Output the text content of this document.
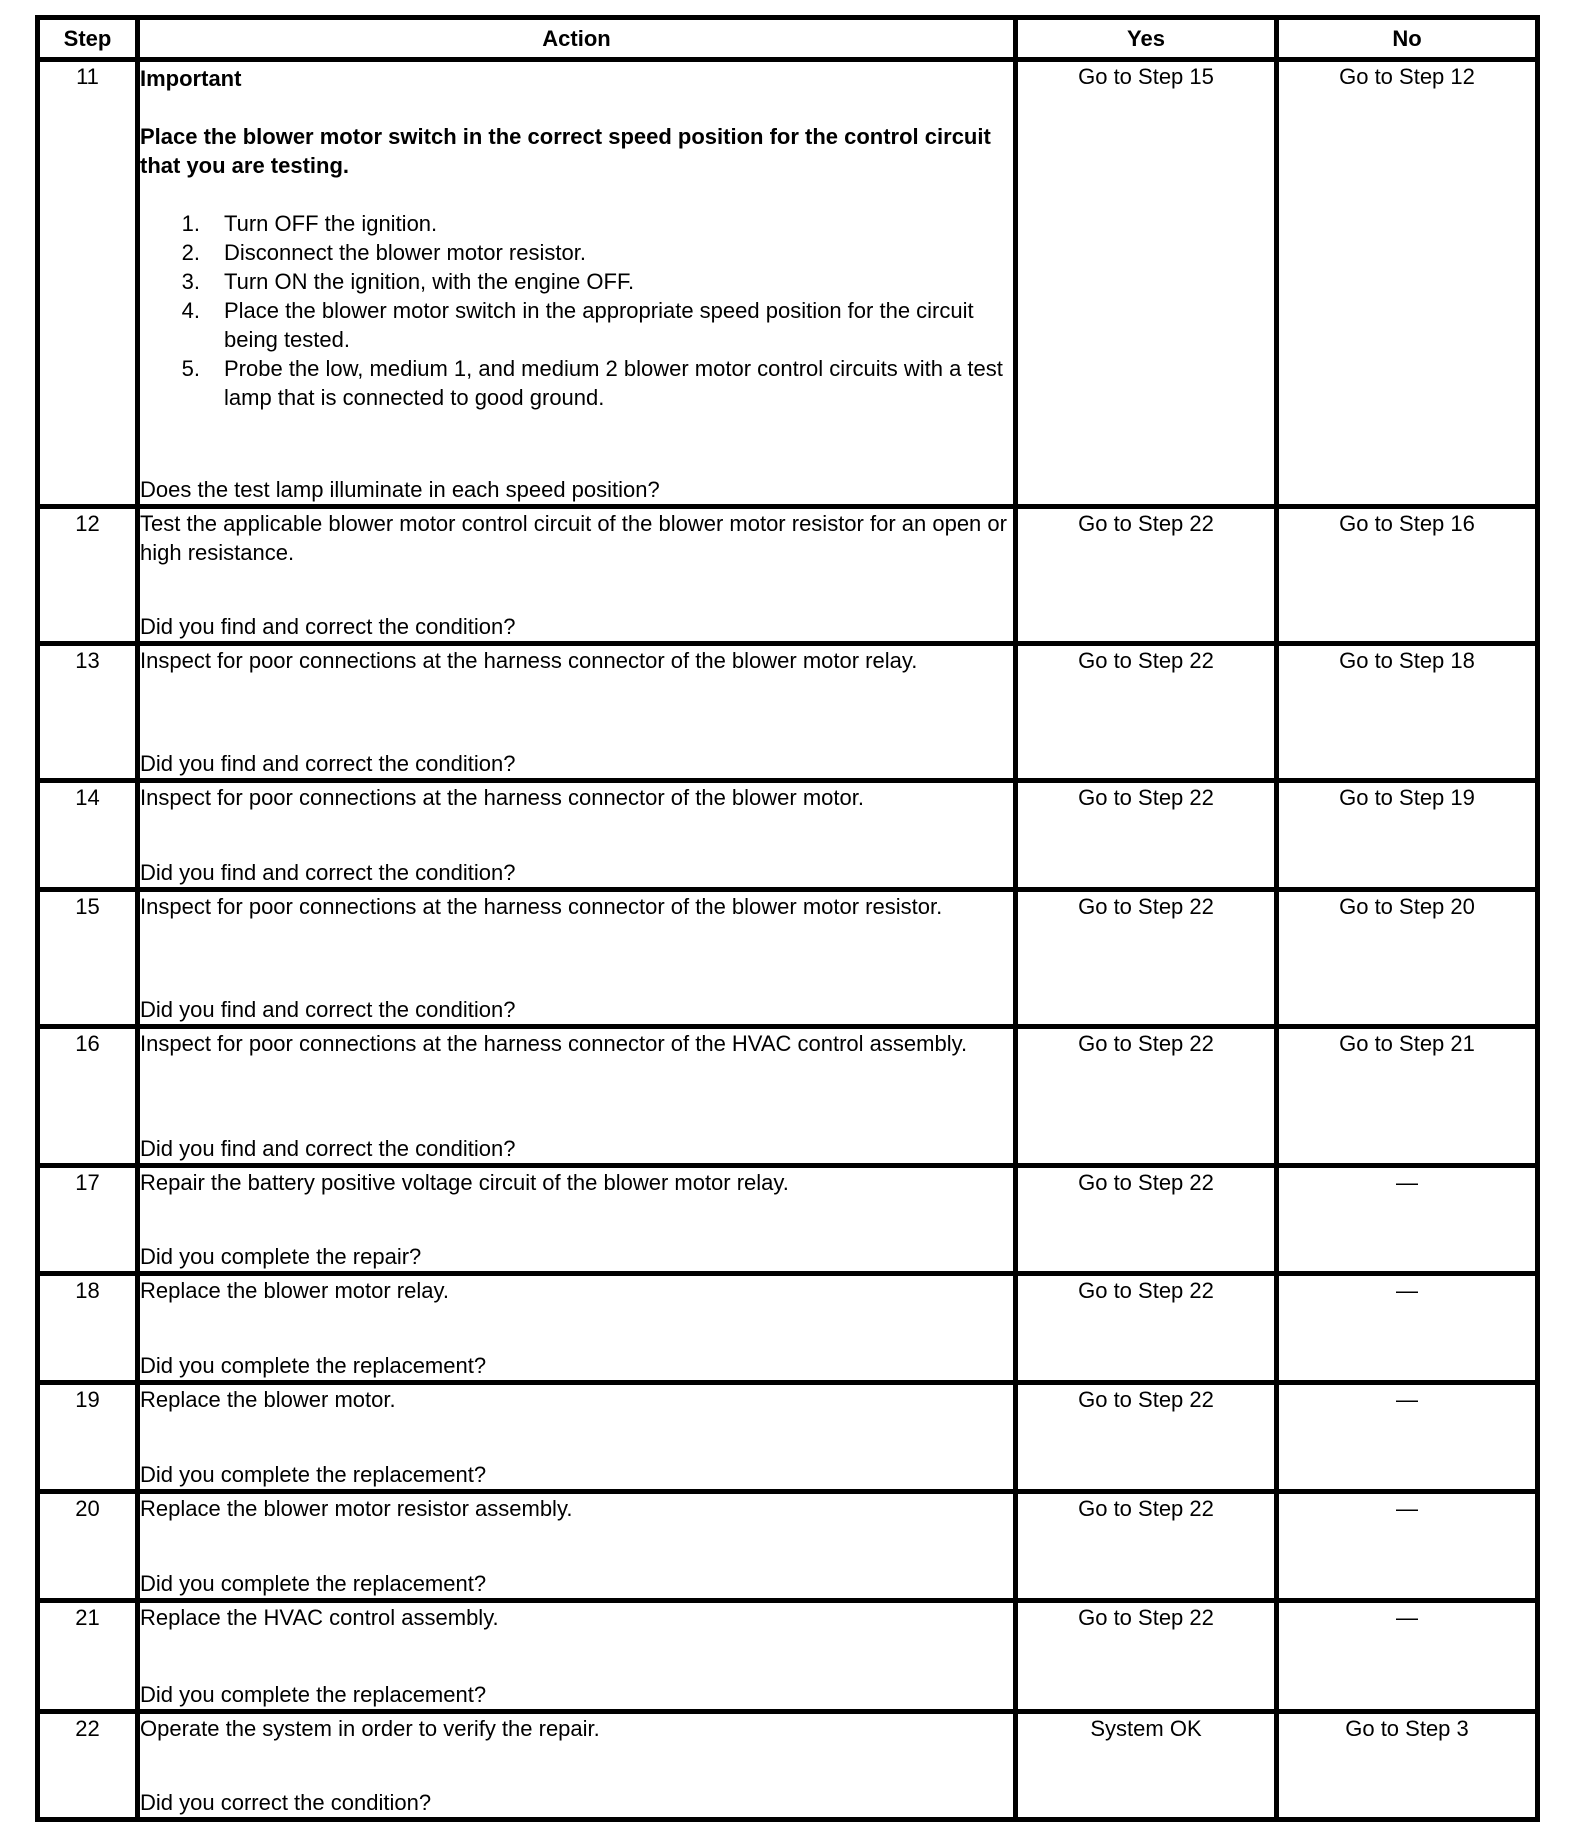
Step	Action	Yes	No
11	Important
Place the blower motor switch in the correct speed position for the control circuit that you are testing.
1.	Turn OFF the ignition.
2.	Disconnect the blower motor resistor.
3.	Turn ON the ignition, with the engine OFF.
4.	Place the blower motor switch in the appropriate speed position for the circuit being tested.
5.	Probe the low, medium 1, and medium 2 blower motor control circuits with a test lamp that is connected to good ground.
Does the test lamp illuminate in each speed position?

Go to Step 15	Go to Step 12

12	Test the applicable blower motor control circuit of the blower motor resistor for an open or high resistance.
Did you find and correct the condition?	Go to Step 22	Go to Step 16

13	Inspect for poor connections at the harness connector of the blower motor relay.
Did you find and correct the condition?	Go to Step 22	Go to Step 18

14	Inspect for poor connections at the harness connector of the blower motor.
Did you find and correct the condition?	Go to Step 22	Go to Step 19

15	Inspect for poor connections at the harness connector of the blower motor resistor.
Did you find and correct the condition?	Go to Step 22	Go to Step 20

16	Inspect for poor connections at the harness connector of the HVAC control assembly.
Did you find and correct the condition?	Go to Step 22	Go to Step 21

17	Repair the battery positive voltage circuit of the blower motor relay.
Did you complete the repair?	Go to Step 22	—

18	Replace the blower motor relay.
Did you complete the replacement?	Go to Step 22	—

19	Replace the blower motor.
Did you complete the replacement?	Go to Step 22	—

20	Replace the blower motor resistor assembly.
Did you complete the replacement?	Go to Step 22	—

21	Replace the HVAC control assembly.
Did you complete the replacement?	Go to Step 22	—

22	Operate the system in order to verify the repair.
Did you correct the condition?	System OK	Go to Step 3
